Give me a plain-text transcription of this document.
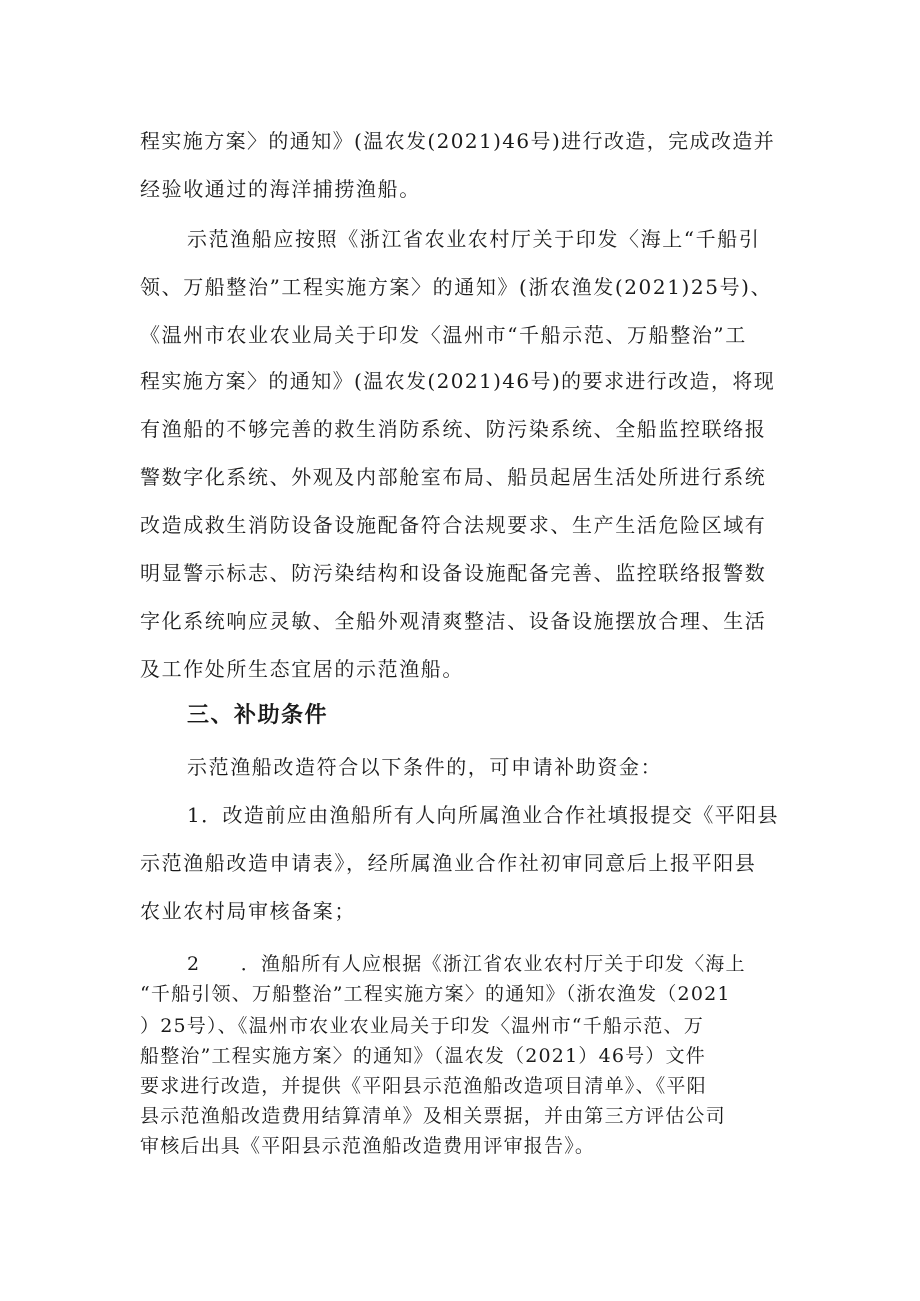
程实施方案〉的通知》(温农发(2021)46号)进行改造，完成改造并
经验收通过的海洋捕捞渔船。
示范渔船应按照《浙江省农业农村厅关于印发〈海上“千船引
领、万船整治”工程实施方案〉的通知》(浙农渔发(2021)25号)、
《温州市农业农业局关于印发〈温州市“千船示范、万船整治”工
程实施方案〉的通知》(温农发(2021)46号)的要求进行改造，将现
有渔船的不够完善的救生消防系统、防污染系统、全船监控联络报
警数字化系统、外观及内部舱室布局、船员起居生活处所进行系统
改造成救生消防设备设施配备符合法规要求、生产生活危险区域有
明显警示标志、防污染结构和设备设施配备完善、监控联络报警数
字化系统响应灵敏、全船外观清爽整洁、设备设施摆放合理、生活
及工作处所生态宜居的示范渔船。
三、补助条件
示范渔船改造符合以下条件的，可申请补助资金：
1．改造前应由渔船所有人向所属渔业合作社填报提交《平阳县
示范渔船改造申请表》，经所属渔业合作社初审同意后上报平阳县
农业农村局审核备案；
2　　．渔船所有人应根据《浙江省农业农村厅关于印发〈海上
“千船引领、万船整治”工程实施方案〉的通知》（浙农渔发（2021
）25号）、《温州市农业农业局关于印发〈温州市“千船示范、万
船整治”工程实施方案〉的通知》（温农发（2021）46号）文件
要求进行改造，并提供《平阳县示范渔船改造项目清单》、《平阳
县示范渔船改造费用结算清单》及相关票据，并由第三方评估公司
审核后出具《平阳县示范渔船改造费用评审报告》。
